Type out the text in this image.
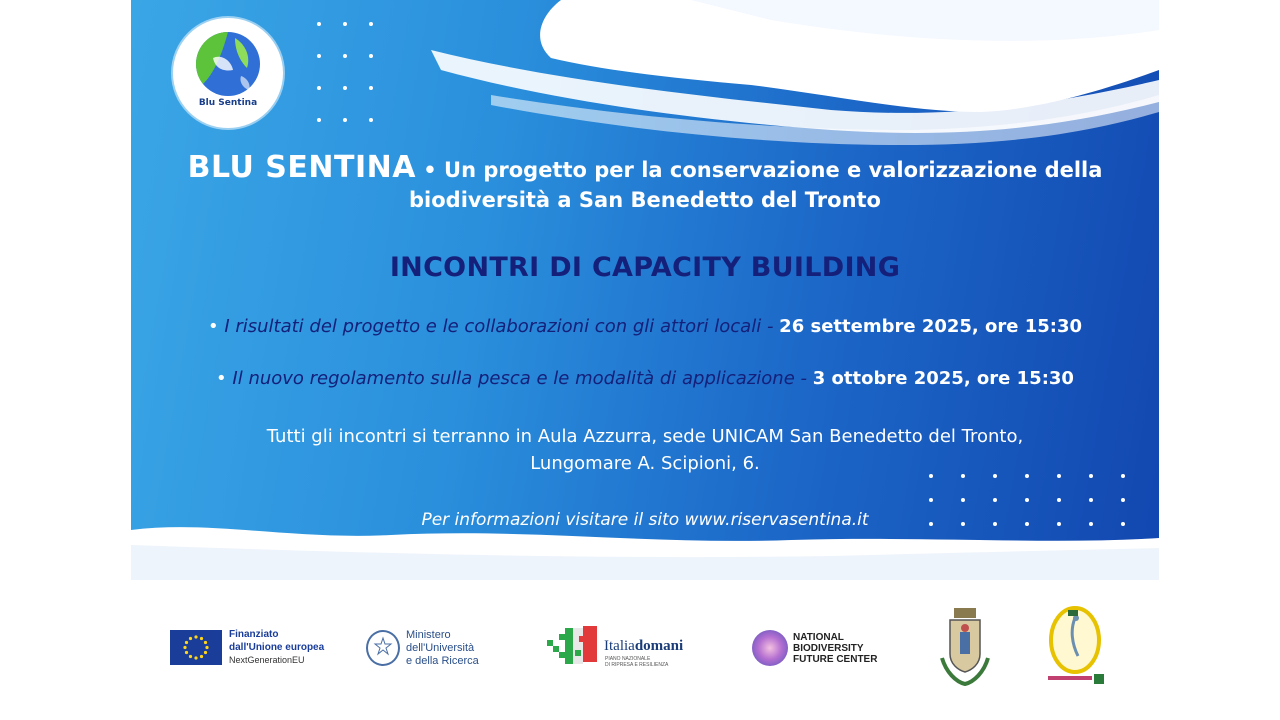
Blu Sentina
BLU SENTINA • Un progetto per la conservazione e valorizzazione della
biodiversità a San Benedetto del Tronto
INCONTRI DI CAPACITY BUILDING
• I risultati del progetto e le collaborazioni con gli attori locali - 26 settembre 2025, ore 15:30
• Il nuovo regolamento sulla pesca e le modalità di applicazione - 3 ottobre 2025, ore 15:30
Tutti gli incontri si terranno in Aula Azzurra, sede UNICAM San Benedetto del Tronto,
Lungomare A. Scipioni, 6.
Per informazioni visitare il sito www.riservasentina.it
Finanziato
dall'Unione europea
NextGenerationEU
Ministero
dell'Università
e della Ricerca
Italiadomani
PIANO NAZIONALE
DI RIPRESA E RESILIENZA
NATIONAL
BIODIVERSITY
FUTURE CENTER
